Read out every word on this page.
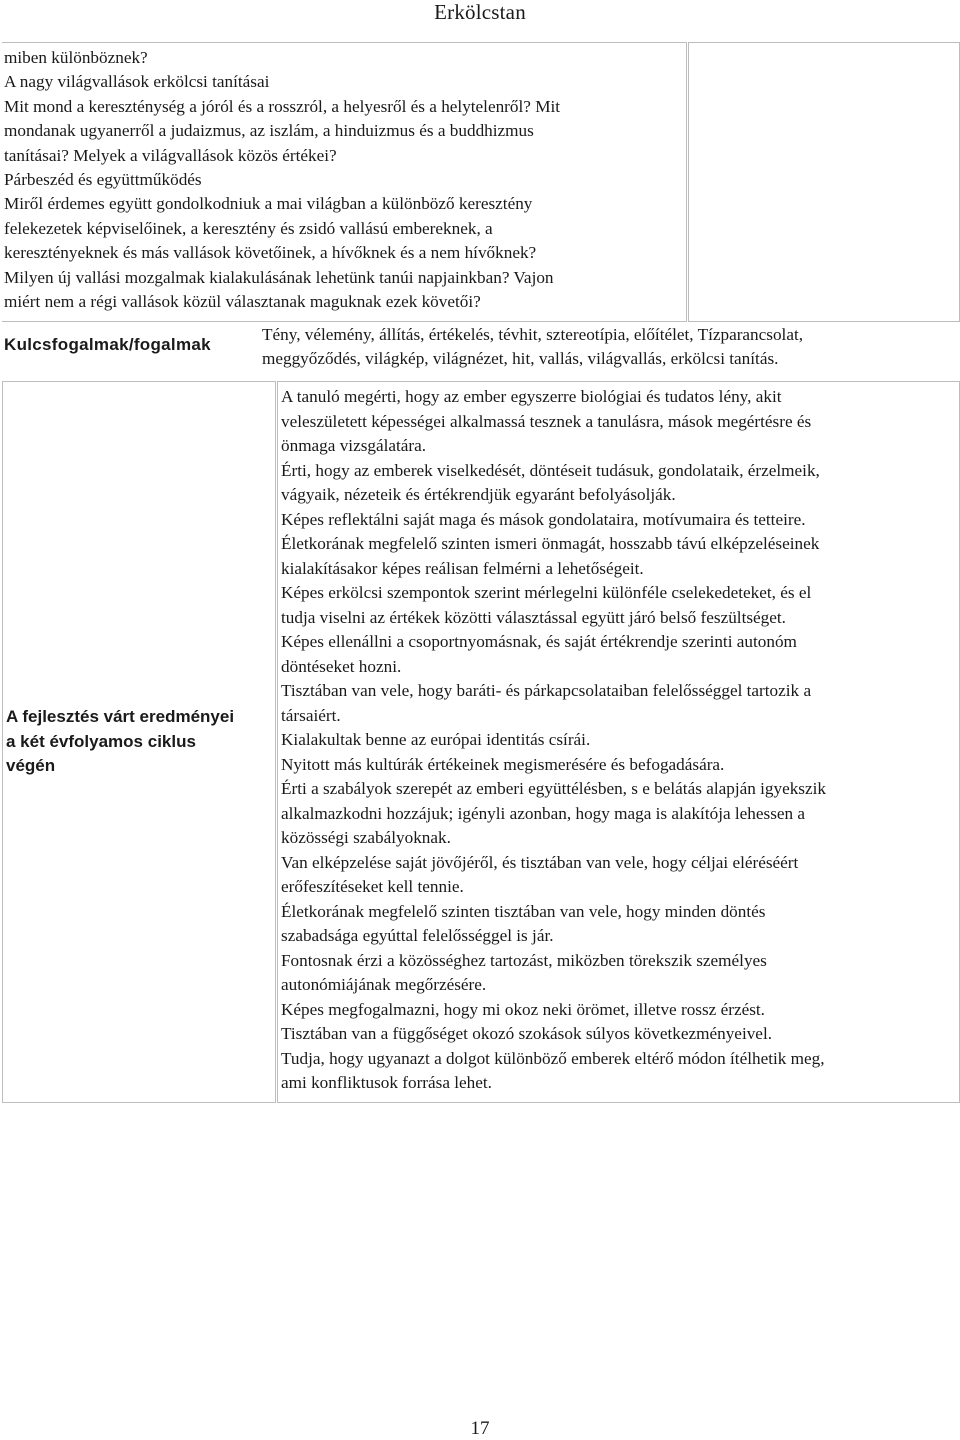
Erkölcstan
miben különböznek?
A nagy világvallások erkölcsi tanításai
Mit mond a kereszténység a jóról és a rosszról, a helyesről és a helytelenről? Mit
mondanak ugyanerről a judaizmus, az iszlám, a hinduizmus és a buddhizmus
tanításai? Melyek a világvallások közös értékei?
Párbeszéd és együttműködés
Miről érdemes együtt gondolkodniuk a mai világban a különböző keresztény
felekezetek képviselőinek, a keresztény és zsidó vallású embereknek, a
keresztényeknek és más vallások követőinek, a hívőknek és a nem hívőknek?
Milyen új vallási mozgalmak kialakulásának lehetünk tanúi napjainkban? Vajon
miért nem a régi vallások közül választanak maguknak ezek követői?
Kulcsfogalmak/fogalmak
Tény, vélemény, állítás, értékelés, tévhit, sztereotípia, előítélet, Tízparancsolat,
meggyőződés, világkép, világnézet, hit, vallás, világvallás, erkölcsi tanítás.
A fejlesztés várt eredményei
a két évfolyamos ciklus
végén
A tanuló megérti, hogy az ember egyszerre biológiai és tudatos lény, akit
veleszületett képességei alkalmassá tesznek a tanulásra, mások megértésre és
önmaga vizsgálatára.
Érti, hogy az emberek viselkedését, döntéseit tudásuk, gondolataik, érzelmeik,
vágyaik, nézeteik és értékrendjük egyaránt befolyásolják.
Képes reflektálni saját maga és mások gondolataira, motívumaira és tetteire.
Életkorának megfelelő szinten ismeri önmagát, hosszabb távú elképzeléseinek
kialakításakor képes reálisan felmérni a lehetőségeit.
Képes erkölcsi szempontok szerint mérlegelni különféle cselekedeteket, és el
tudja viselni az értékek közötti választással együtt járó belső feszültséget.
Képes ellenállni a csoportnyomásnak, és saját értékrendje szerinti autonóm
döntéseket hozni.
Tisztában van vele, hogy baráti- és párkapcsolataiban felelősséggel tartozik a
társaiért.
Kialakultak benne az európai identitás csírái.
Nyitott más kultúrák értékeinek megismerésére és befogadására.
Érti a szabályok szerepét az emberi együttélésben, s e belátás alapján igyekszik
alkalmazkodni hozzájuk; igényli azonban, hogy maga is alakítója lehessen a
közösségi szabályoknak.
Van elképzelése saját jövőjéről, és tisztában van vele, hogy céljai eléréséért
erőfeszítéseket kell tennie.
Életkorának megfelelő szinten tisztában van vele, hogy minden döntés
szabadsága egyúttal felelősséggel is jár.
Fontosnak érzi a közösséghez tartozást, miközben törekszik személyes
autonómiájának megőrzésére.
Képes megfogalmazni, hogy mi okoz neki örömet, illetve rossz érzést.
Tisztában van a függőséget okozó szokások súlyos következményeivel.
Tudja, hogy ugyanazt a dolgot különböző emberek eltérő módon ítélhetik meg,
ami konfliktusok forrása lehet.
17
